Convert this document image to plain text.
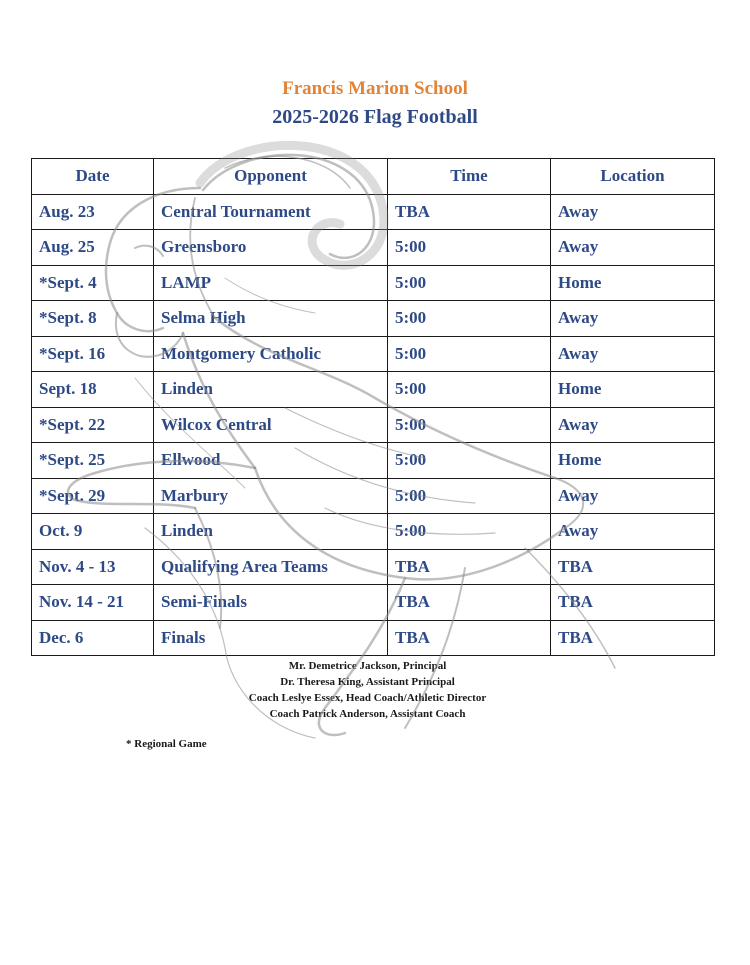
Francis Marion School
2025-2026 Flag Football
Date	Opponent	Time	Location
Aug. 23	Central Tournament	TBA	Away
Aug. 25	Greensboro	5:00	Away
*Sept. 4	LAMP	5:00	Home
*Sept. 8	Selma High	5:00	Away
*Sept. 16	Montgomery Catholic	5:00	Away
Sept. 18	Linden	5:00	Home
*Sept. 22	Wilcox Central	5:00	Away
*Sept. 25	Ellwood	5:00	Home
*Sept. 29	Marbury	5:00	Away
Oct. 9	Linden	5:00	Away
Nov. 4 - 13	Qualifying Area Teams	TBA	TBA
Nov. 14 - 21	Semi-Finals	TBA	TBA
Dec. 6	Finals	TBA	TBA
Mr. Demetrice Jackson, Principal
Dr. Theresa King, Assistant Principal
Coach Leslye Essex, Head Coach/Athletic Director
Coach Patrick Anderson, Assistant Coach
* Regional Game
